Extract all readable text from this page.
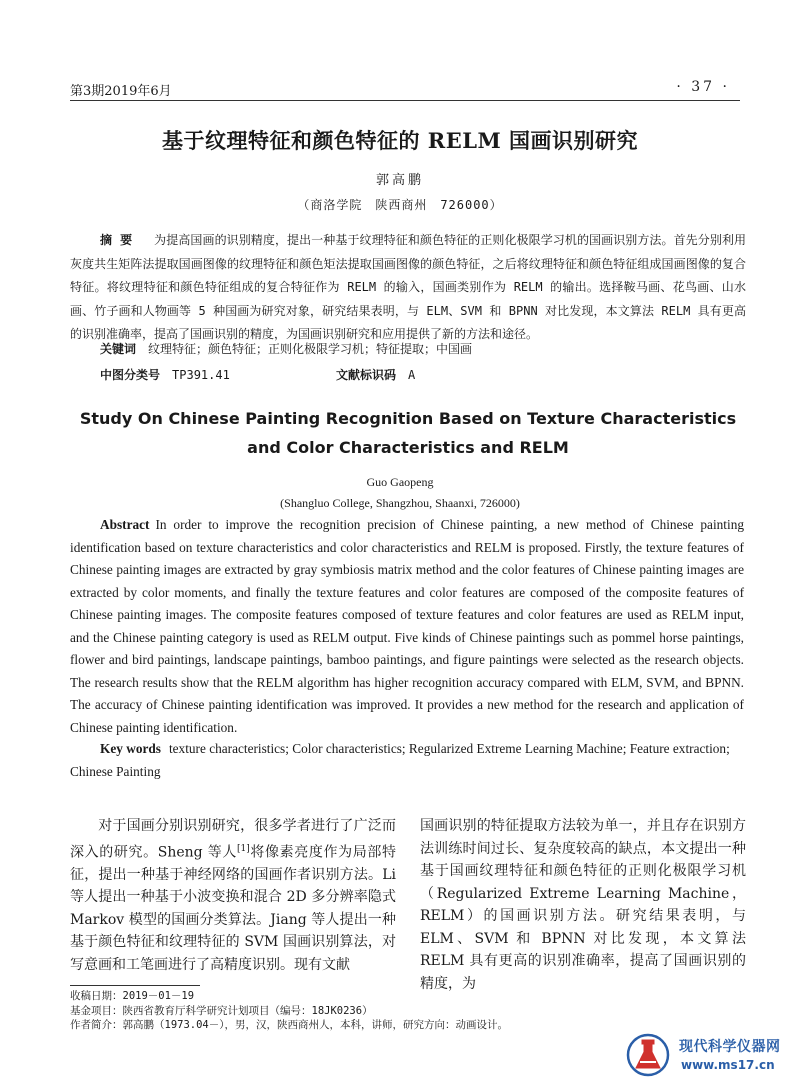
第3期2019年6月	· 37 ·
基于纹理特征和颜色特征的 RELM 国画识别研究
郭高鹏
（商洛学院　陕西商州　726000）
摘要 为提高国画的识别精度，提出一种基于纹理特征和颜色特征的正则化极限学习机的国画识别方法。首先分别利用灰度共生矩阵法提取国画图像的纹理特征和颜色矩法提取国画图像的颜色特征，之后将纹理特征和颜色特征组成国画图像的复合特征。将纹理特征和颜色特征组成的复合特征作为 RELM 的输入，国画类别作为 RELM 的输出。选择鞍马画、花鸟画、山水画、竹子画和人物画等 5 种国画为研究对象，研究结果表明，与 ELM、SVM 和 BPNN 对比发现，本文算法 RELM 具有更高的识别准确率，提高了国画识别的精度，为国画识别研究和应用提供了新的方法和途径。
关键词 纹理特征；颜色特征；正则化极限学习机；特征提取；中国画
中图分类号 TP391.41	文献标识码 A
Study On Chinese Painting Recognition Based on Texture Characteristics and Color Characteristics and RELM
Guo Gaopeng
(Shangluo College, Shangzhou, Shaanxi, 726000)
Abstract In order to improve the recognition precision of Chinese painting, a new method of Chinese painting identification based on texture characteristics and color characteristics and RELM is proposed. Firstly, the texture features of Chinese painting images are extracted by gray symbiosis matrix method and the color features of Chinese painting images are extracted by color moments, and finally the texture features and color features are composed of the composite features of Chinese painting images. The composite features composed of texture features and color features are used as RELM input, and the Chinese painting category is used as RELM output. Five kinds of Chinese paintings such as pommel horse paintings, flower and bird paintings, landscape paintings, bamboo paintings, and figure paintings were selected as the research objects. The research results show that the RELM algorithm has higher recognition accuracy compared with ELM, SVM, and BPNN. The accuracy of Chinese painting identification was improved. It provides a new method for the research and application of Chinese painting identification.
Key words texture characteristics; Color characteristics; Regularized Extreme Learning Machine; Feature extraction; Chinese Painting
对于国画分别识别研究，很多学者进行了广泛而深入的研究。Sheng 等人[1]将像素亮度作为局部特征，提出一种基于神经网络的国画作者识别方法。Li 等人提出一种基于小波变换和混合 2D 多分辨率隐式 Markov 模型的国画分类算法。Jiang 等人提出一种基于颜色特征和纹理特征的 SVM 国画识别算法，对写意画和工笔画进行了高精度识别。现有文献
国画识别的特征提取方法较为单一，并且存在识别方法训练时间过长、复杂度较高的缺点，本文提出一种基于国画纹理特征和颜色特征的正则化极限学习机（Regularized Extreme Learning Machine，RELM）的国画识别方法。研究结果表明，与 ELM、SVM 和 BPNN 对比发现，本文算法 RELM 具有更高的识别准确率，提高了国画识别的精度，为
收稿日期：2019－01－19
基金项目：陕西省教育厅科学研究计划项目（编号：18JK0236）
作者简介：郭高鹏（1973.04－），男，汉，陕西商州人，本科，讲师，研究方向：动画设计。
现代科学仪器网
www.ms17.cn
